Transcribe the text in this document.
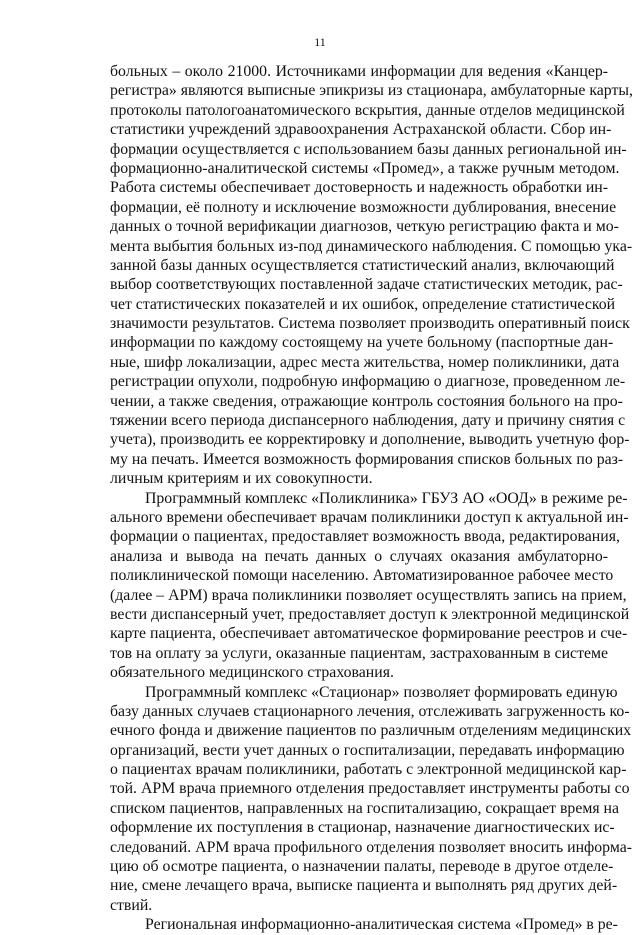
11
больных – около 21000. Источниками информации для ведения «Канцер-
регистра» являются выписные эпикризы из стационара, амбулаторные карты,
протоколы патологоанатомического вскрытия, данные отделов медицинской
статистики учреждений здравоохранения Астраханской области. Сбор ин-
формации осуществляется с использованием базы данных региональной ин-
формационно-аналитической системы «Промед», а также ручным методом.
Работа системы обеспечивает достоверность и надежность обработки ин-
формации, её полноту и исключение возможности дублирования, внесение
данных о точной верификации диагнозов, четкую регистрацию факта и мо-
мента выбытия больных из-под динамического наблюдения. С помощью ука-
занной базы данных осуществляется статистический анализ, включающий
выбор соответствующих поставленной задаче статистических методик, рас-
чет статистических показателей и их ошибок, определение статистической
значимости результатов. Система позволяет производить оперативный поиск
информации по каждому состоящему на учете больному (паспортные дан-
ные, шифр локализации, адрес места жительства, номер поликлиники, дата
регистрации опухоли, подробную информацию о диагнозе, проведенном ле-
чении, а также сведения, отражающие контроль состояния больного на про-
тяжении всего периода диспансерного наблюдения, дату и причину снятия с
учета), производить ее корректировку и дополнение, выводить учетную фор-
му на печать. Имеется возможность формирования списков больных по раз-
личным критериям и их совокупности.
Программный комплекс «Поликлиника» ГБУЗ АО «ООД» в режиме ре-
ального времени обеспечивает врачам поликлиники доступ к актуальной ин-
формации о пациентах, предоставляет возможность ввода, редактирования,
анализа и вывода на печать данных о случаях оказания амбулаторно-
поликлинической помощи населению. Автоматизированное рабочее место
(далее – АРМ) врача поликлиники позволяет осуществлять запись на прием,
вести диспансерный учет, предоставляет доступ к электронной медицинской
карте пациента, обеспечивает автоматическое формирование реестров и сче-
тов на оплату за услуги, оказанные пациентам, застрахованным в системе
обязательного медицинского страхования.
Программный комплекс «Стационар» позволяет формировать единую
базу данных случаев стационарного лечения, отслеживать загруженность ко-
ечного фонда и движение пациентов по различным отделениям медицинских
организаций, вести учет данных о госпитализации, передавать информацию
о пациентах врачам поликлиники, работать с электронной медицинской кар-
той. АРМ врача приемного отделения предоставляет инструменты работы со
списком пациентов, направленных на госпитализацию, сокращает время на
оформление их поступления в стационар, назначение диагностических ис-
следований. АРМ врача профильного отделения позволяет вносить информа-
цию об осмотре пациента, о назначении палаты, переводе в другое отделе-
ние, смене лечащего врача, выписке пациента и выполнять ряд других дей-
ствий.
Региональная информационно-аналитическая система «Промед» в ре-
